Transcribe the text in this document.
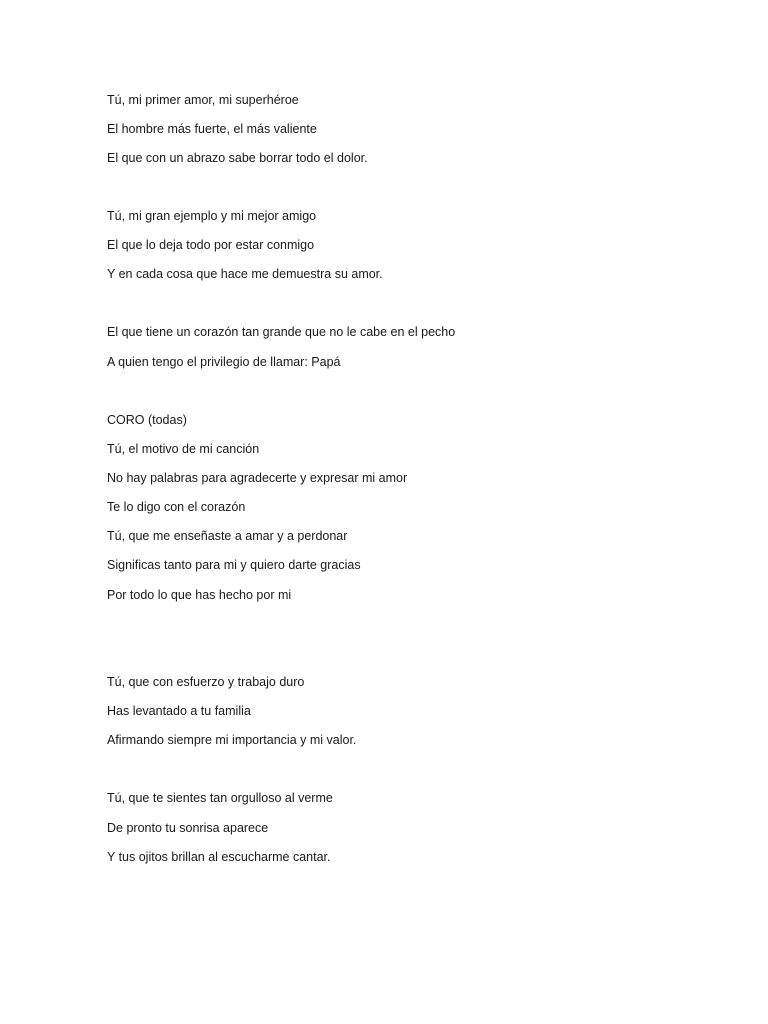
Tú, mi primer amor, mi superhéroe
El hombre más fuerte, el más valiente
El que con un abrazo sabe borrar todo el dolor.
Tú, mi gran ejemplo y mi mejor amigo
El que lo deja todo por estar conmigo
Y en cada cosa que hace me demuestra su amor.
El que tiene un corazón tan grande que no le cabe en el pecho
A quien tengo el privilegio de llamar: Papá
CORO (todas)
Tú, el motivo de mi canción
No hay palabras para agradecerte y expresar mi amor
Te lo digo con el corazón
Tú, que me enseñaste a amar y a perdonar
Significas tanto para mi y quiero darte gracias
Por todo lo que has hecho por mi
Tú, que con esfuerzo y trabajo duro
Has levantado a tu familia
Afirmando siempre mi importancia y mi valor.
Tú, que te sientes tan orgulloso al verme
De pronto tu sonrisa aparece
Y tus ojitos brillan al escucharme cantar.
